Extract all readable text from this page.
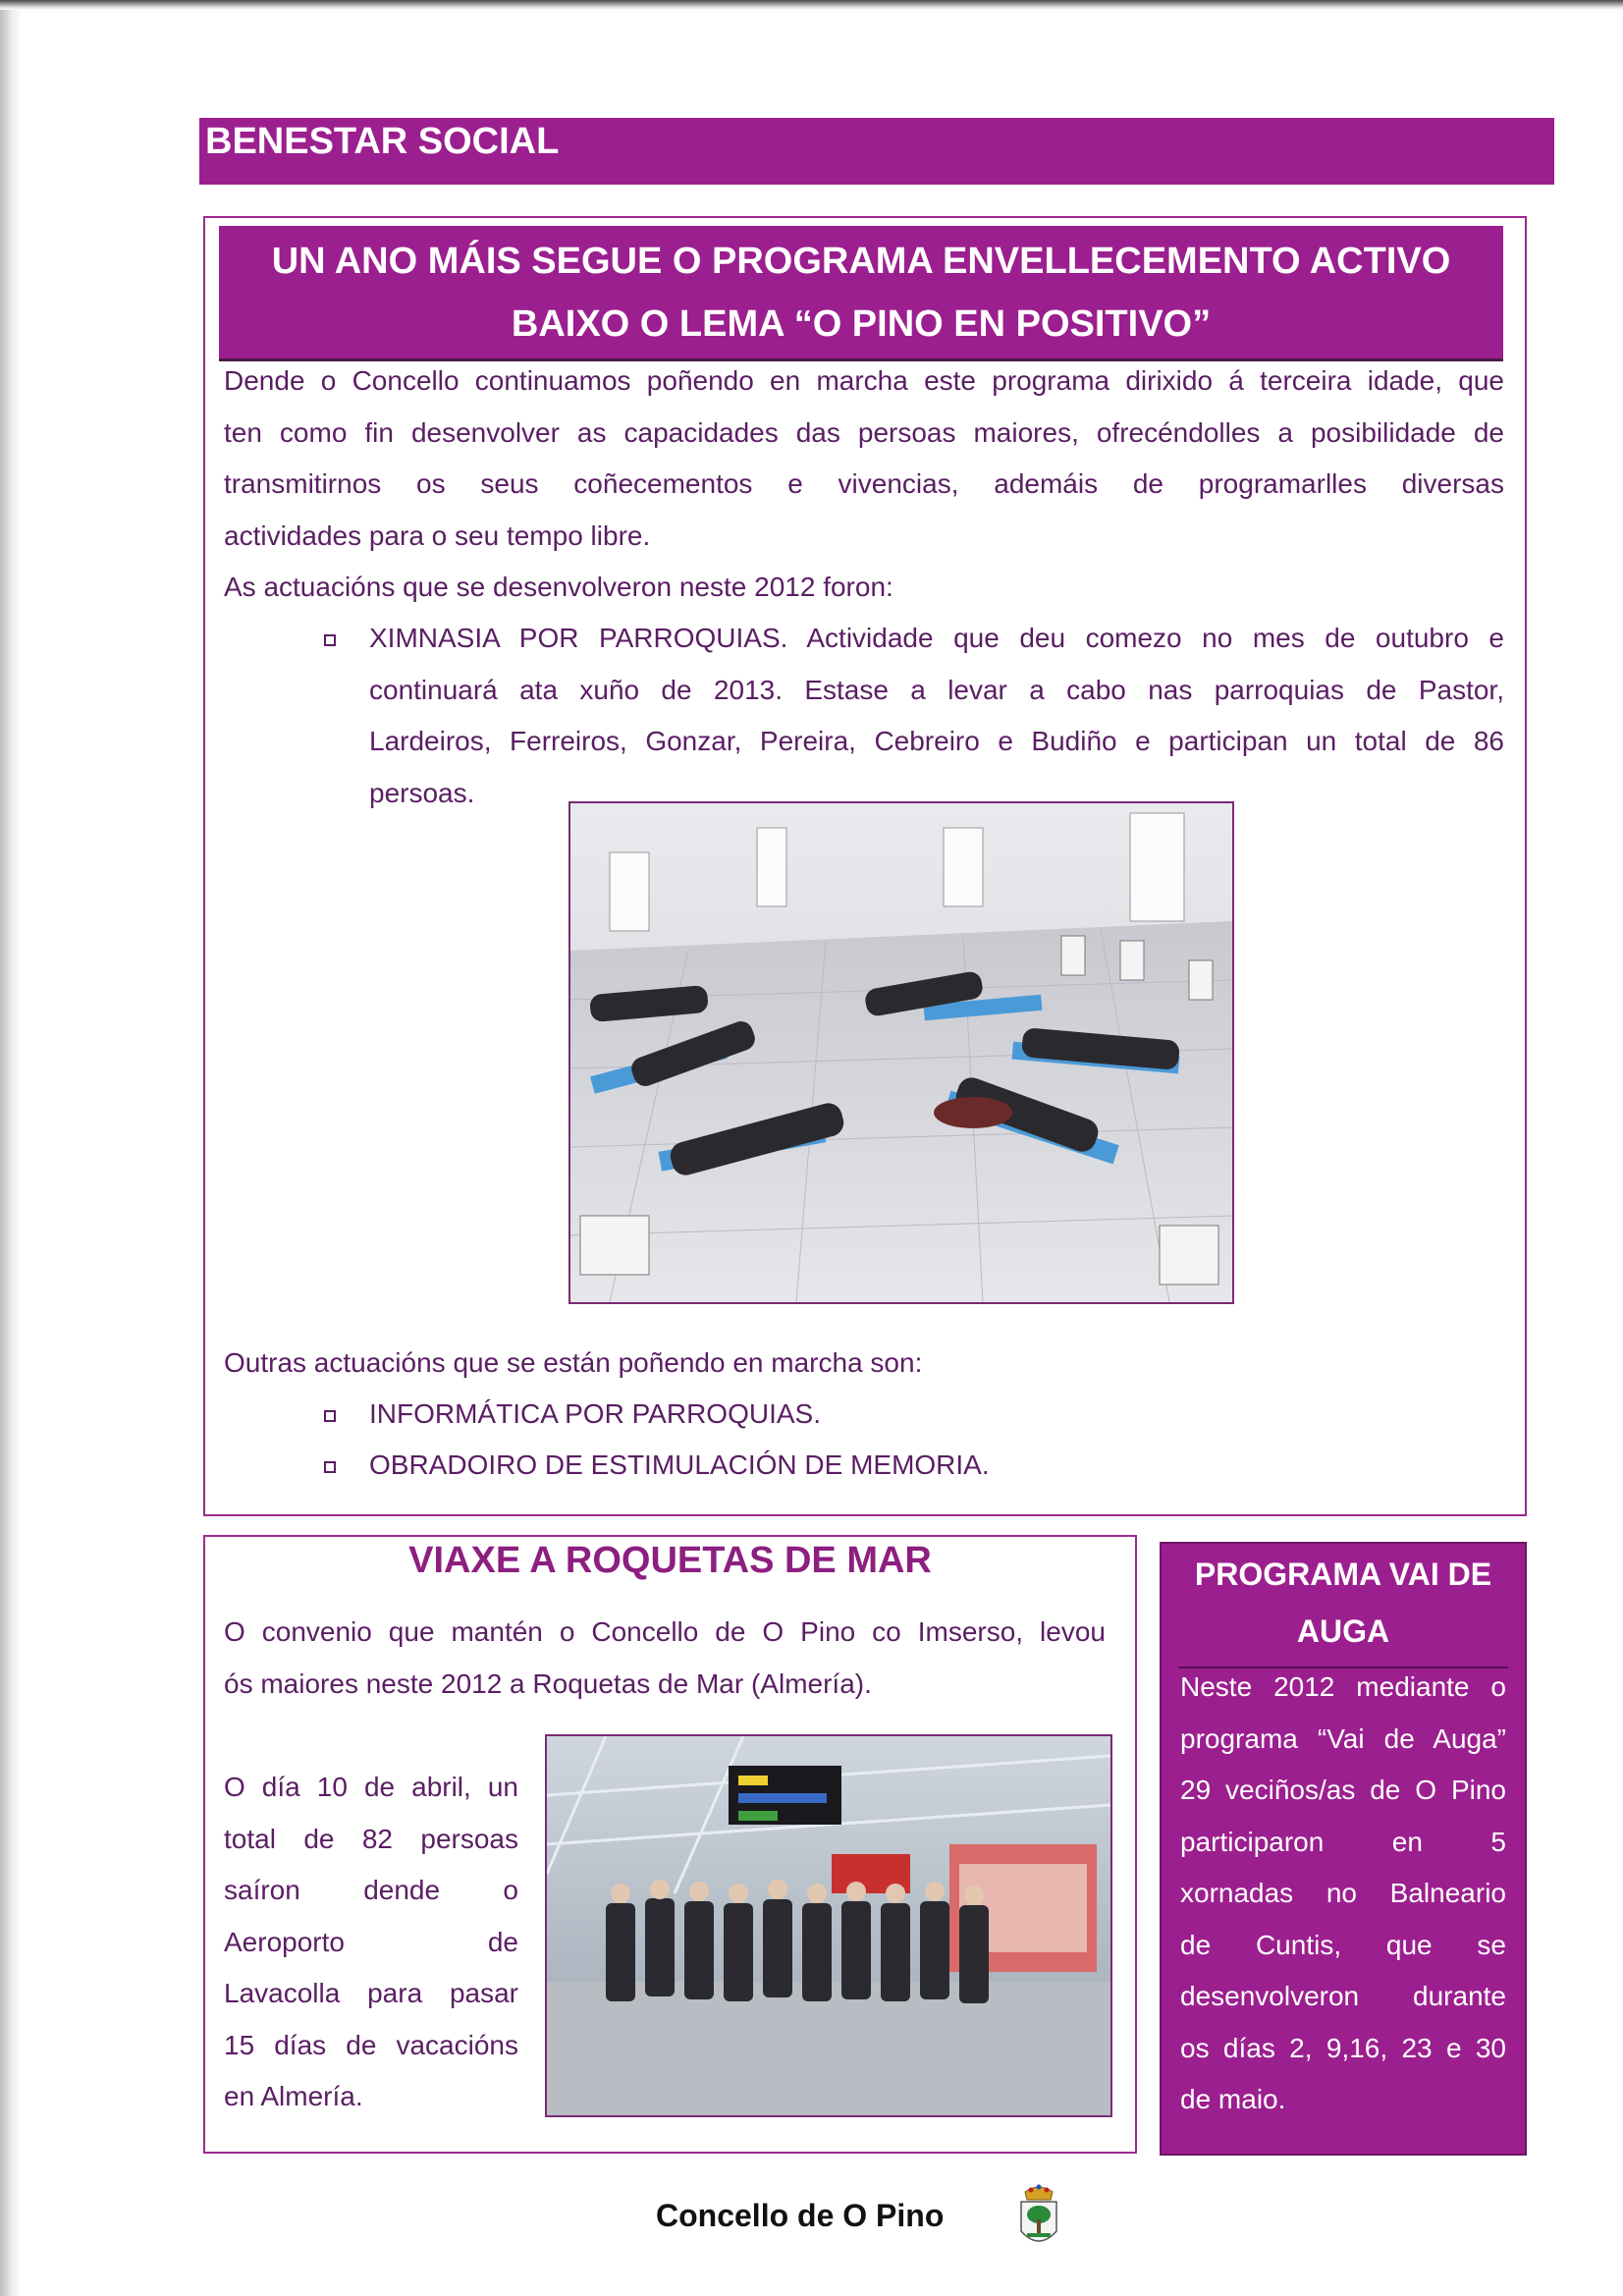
BENESTAR SOCIAL
UN ANO MÁIS SEGUE O PROGRAMA ENVELLECEMENTO ACTIVO
BAIXO O LEMA “O PINO EN POSITIVO”
Dende o Concello continuamos poñendo en marcha este programa dirixido á terceira idade, que
ten como fin desenvolver as capacidades das persoas maiores, ofrecéndolles a posibilidade de
transmitirnos os seus coñecementos e vivencias, ademáis de programarlles diversas
actividades para o seu tempo libre.
As actuacións que se desenvolveron neste 2012 foron:
XIMNASIA POR PARROQUIAS. Actividade que deu comezo no mes de outubro e
continuará ata xuño de 2013. Estase a levar a cabo nas parroquias de Pastor,
Lardeiros, Ferreiros, Gonzar, Pereira, Cebreiro e Budiño e participan un total de 86
persoas.
Outras actuacións que se están poñendo en marcha son:
INFORMÁTICA POR PARROQUIAS.
OBRADOIRO DE ESTIMULACIÓN DE MEMORIA.
VIAXE A ROQUETAS DE MAR
O convenio que mantén o Concello de O Pino co Imserso, levou
ós maiores neste 2012 a Roquetas de Mar (Almería).
O día 10 de abril, un
total de 82 persoas
saíron dende o
Aeroporto de
Lavacolla para pasar
15 días de vacacións
en Almería.
PROGRAMA VAI DE
AUGA
Neste 2012 mediante o
programa “Vai de Auga”
29 veciños/as de O Pino
participaron en 5
xornadas no Balneario
de Cuntis, que se
desenvolveron durante
os días 2, 9,16, 23 e 30
de maio.
Concello de O Pino
